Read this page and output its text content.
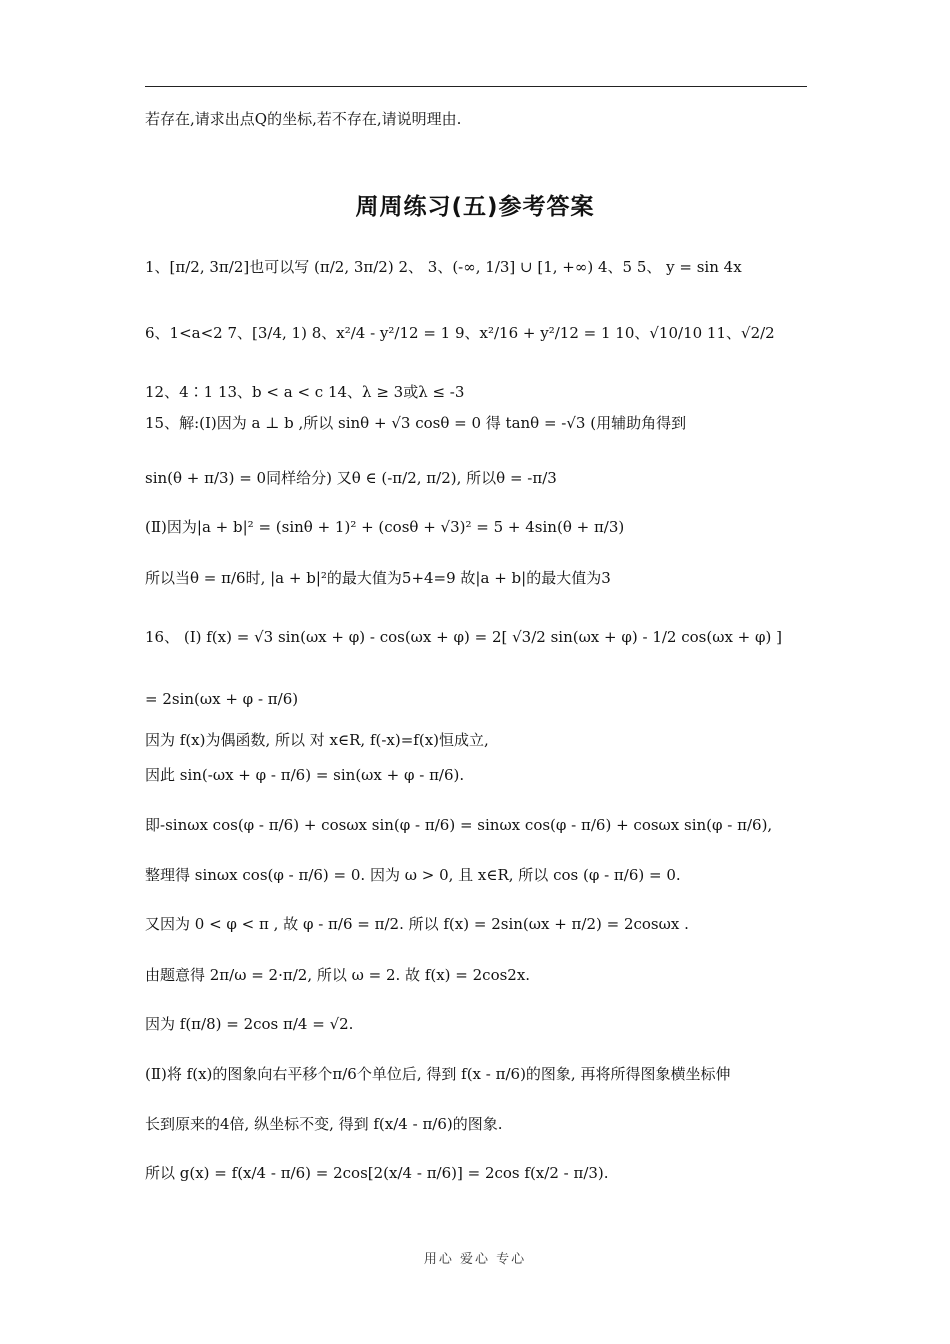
若存在,请求出点Q的坐标,若不存在,请说明理由.
周周练习(五)参考答案
1、[π/2, 3π/2]也可以写 (π/2, 3π/2) 2、 3、(-∞, 1/3] ∪ [1, +∞) 4、5 5、 y = sin 4x
6、1<a<2 7、[3/4, 1) 8、x²/4 - y²/12 = 1 9、x²/16 + y²/12 = 1 10、√10/10 11、√2/2
12、4∶1 13、b < a < c 14、λ ≥ 3或λ ≤ -3
15、解:(Ⅰ)因为 a ⊥ b ,所以 sinθ + √3 cosθ = 0 得 tanθ = -√3 (用辅助角得到
sin(θ + π/3) = 0同样给分) 又θ ∈ (-π/2, π/2), 所以θ = -π/3
(Ⅱ)因为|a + b|² = (sinθ + 1)² + (cosθ + √3)² = 5 + 4sin(θ + π/3)
所以当θ = π/6时, |a + b|²的最大值为5+4=9 故|a + b|的最大值为3
16、 (Ⅰ) f(x) = √3 sin(ωx + φ) - cos(ωx + φ) = 2[ √3/2 sin(ωx + φ) - 1/2 cos(ωx + φ) ]
= 2sin(ωx + φ - π/6)
因为 f(x)为偶函数, 所以 对 x∈R, f(-x)=f(x)恒成立,
因此 sin(-ωx + φ - π/6) = sin(ωx + φ - π/6).
即-sinωx cos(φ - π/6) + cosωx sin(φ - π/6) = sinωx cos(φ - π/6) + cosωx sin(φ - π/6),
整理得 sinωx cos(φ - π/6) = 0. 因为 ω > 0, 且 x∈R, 所以 cos (φ - π/6) = 0.
又因为 0 < φ < π , 故 φ - π/6 = π/2. 所以 f(x) = 2sin(ωx + π/2) = 2cosωx .
由题意得 2π/ω = 2·π/2, 所以 ω = 2. 故 f(x) = 2cos2x.
因为 f(π/8) = 2cos π/4 = √2.
(Ⅱ)将 f(x)的图象向右平移个π/6个单位后, 得到 f(x - π/6)的图象, 再将所得图象横坐标伸
长到原来的4倍, 纵坐标不变, 得到 f(x/4 - π/6)的图象.
所以 g(x) = f(x/4 - π/6) = 2cos[2(x/4 - π/6)] = 2cos f(x/2 - π/3).
用心 爱心 专心
